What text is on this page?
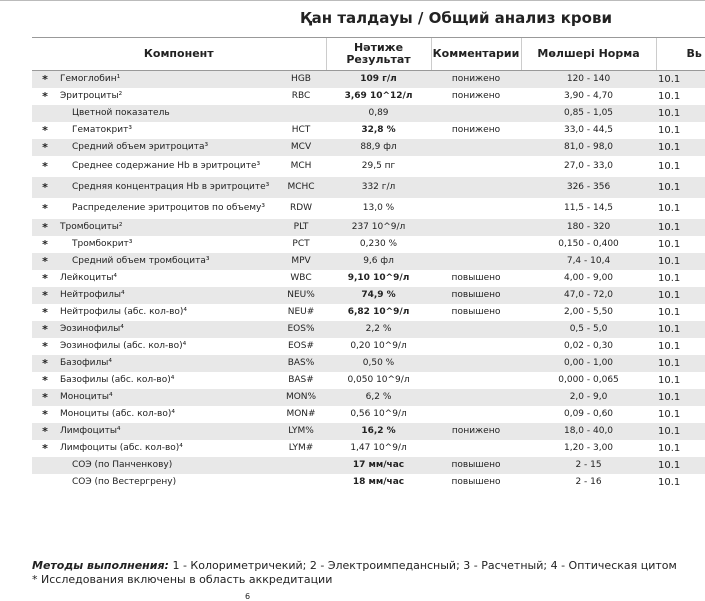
Қан талдауы / Общий анализ крови
Компонент			Нәтиже Результат	Комментарии	Мөлшері Норма	Вь
*	Гемоглобин¹	HGB	109 г/л	понижено	120 - 140	10.1
*	Эритроциты²	RBC	3,69 10^12/л	понижено	3,90 - 4,70	10.1
	Цветной показатель		0,89		0,85 - 1,05	10.1
*	Гематокрит³	HCT	32,8 %	понижено	33,0 - 44,5	10.1
*	Средний объем эритроцита³	MCV	88,9 фл		81,0 - 98,0	10.1
*	Среднее содержание Hb в эритроците³	MCH	29,5 пг		27,0 - 33,0	10.1
*	Средняя концентрация Hb в эритроците³	MCHC	332 г/л		326 - 356	10.1
*	Распределение эритроцитов по объему³	RDW	13,0 %		11,5 - 14,5	10.1
*	Тромбоциты²	PLT	237 10^9/л		180 - 320	10.1
*	Тромбокрит³	PCT	0,230 %		0,150 - 0,400	10.1
*	Средний объем тромбоцита³	MPV	9,6 фл		7,4 - 10,4	10.1
*	Лейкоциты⁴	WBC	9,10 10^9/л	повышено	4,00 - 9,00	10.1
*	Нейтрофилы⁴	NEU%	74,9 %	повышено	47,0 - 72,0	10.1
*	Нейтрофилы (абс. кол-во)⁴	NEU#	6,82 10^9/л	повышено	2,00 - 5,50	10.1
*	Эозинофилы⁴	EOS%	2,2 %		0,5 - 5,0	10.1
*	Эозинофилы (абс. кол-во)⁴	EOS#	0,20 10^9/л		0,02 - 0,30	10.1
*	Базофилы⁴	BAS%	0,50 %		0,00 - 1,00	10.1
*	Базофилы (абс. кол-во)⁴	BAS#	0,050 10^9/л		0,000 - 0,065	10.1
*	Моноциты⁴	MON%	6,2 %		2,0 - 9,0	10.1
*	Моноциты (абс. кол-во)⁴	MON#	0,56 10^9/л		0,09 - 0,60	10.1
*	Лимфоциты⁴	LYM%	16,2 %	понижено	18,0 - 40,0	10.1
*	Лимфоциты (абс. кол-во)⁴	LYM#	1,47 10^9/л		1,20 - 3,00	10.1
	СОЭ (по Панченкову)		17 мм/час	повышено	2 - 15	10.1
	СОЭ (по Вестергрену)		18 мм/час	повышено	2 - 16	10.1
Методы выполнения: 1 - Колориметричекий; 2 - Электроимпедансный; 3 - Расчетный; 4 - Оптическая цитом
* Исследования включены в область аккредитации
6
